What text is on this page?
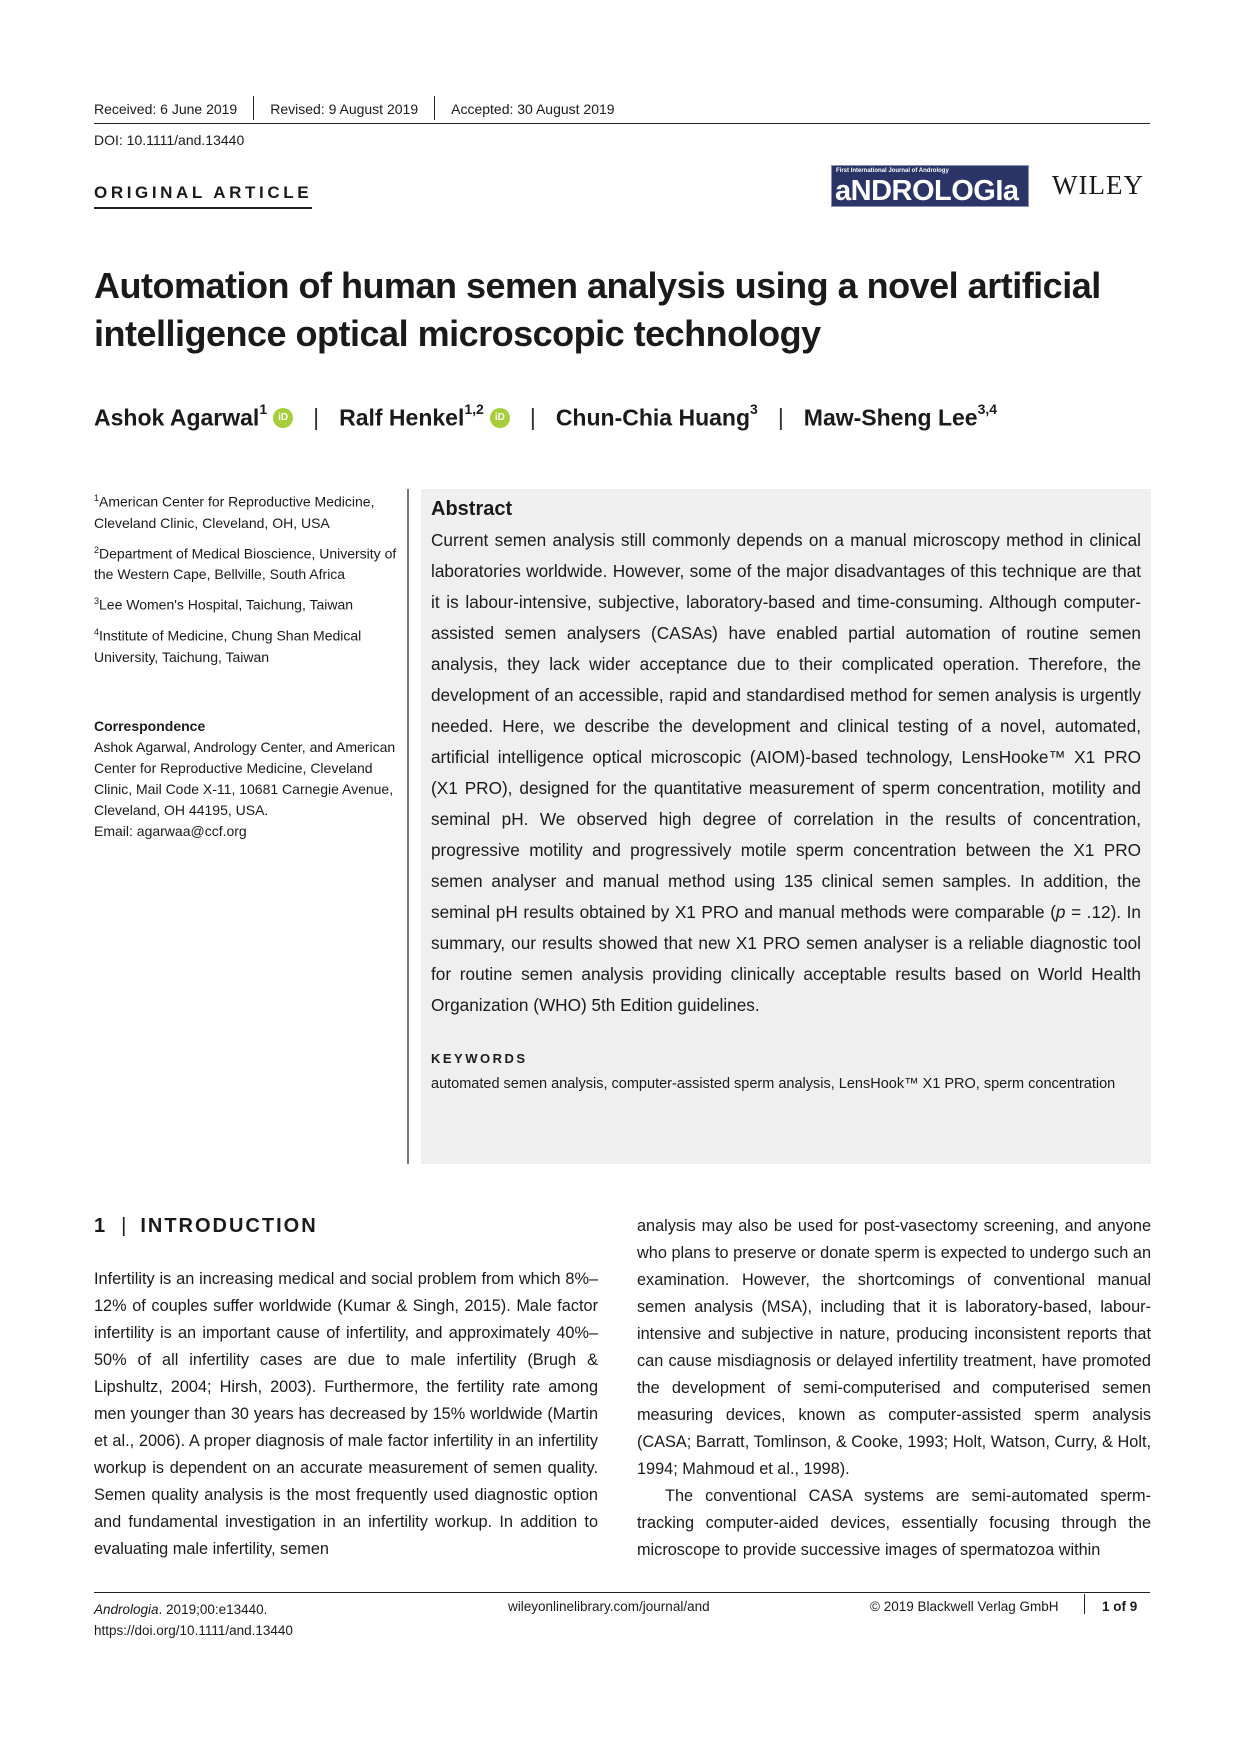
Received: 6 June 2019	Revised: 9 August 2019	Accepted: 30 August 2019
DOI: 10.1111/and.13440
ORIGINAL ARTICLE
First International Journal of Andrology
aNDROLOGIa WILEY
Automation of human semen analysis using a novel artificial intelligence optical microscopic technology
Ashok Agarwal$^1$
iD | Ralf Henkel$^{1,2}$
iD | Chun-Chia Huang$^3$ | Maw-Sheng Lee$^{3,4}$

$^1$American Center for Reproductive Medicine, Cleveland Clinic, Cleveland, OH, USA

$^2$Department of Medical Bioscience, University of the Western Cape, Bellville, South Africa

$^3$Lee Women's Hospital, Taichung, Taiwan

$^4$Institute of Medicine, Chung Shan Medical University, Taichung, Taiwan

Correspondence
Ashok Agarwal, Andrology Center, and American Center for Reproductive Medicine, Cleveland Clinic, Mail Code X-11, 10681 Carnegie Avenue, Cleveland, OH 44195, USA.
Email: agarwaa@ccf.org
Abstract
Current semen analysis still commonly depends on a manual microscopy method in clinical laboratories worldwide. However, some of the major disadvantages of this technique are that it is labour-intensive, subjective, laboratory-based and time-consuming. Although computer-assisted semen analysers (CASAs) have enabled partial automation of routine semen analysis, they lack wider acceptance due to their complicated operation. Therefore, the development of an accessible, rapid and standardised method for semen analysis is urgently needed. Here, we describe the development and clinical testing of a novel, automated, artificial intelligence optical microscopic (AIOM)-based technology, LensHooke™ X1 PRO (X1 PRO), designed for the quantitative measurement of sperm concentration, motility and seminal pH. We observed high degree of correlation in the results of concentration, progressive motility and progressively motile sperm concentration between the X1 PRO semen analyser and manual method using 135 clinical semen samples. In addition, the seminal pH results obtained by X1 PRO and manual methods were comparable (p = .12). In summary, our results showed that new X1 PRO semen analyser is a reliable diagnostic tool for routine semen analysis providing clinically acceptable results based on World Health Organization (WHO) 5th Edition guidelines.
KEYWORDS
automated semen analysis, computer-assisted sperm analysis, LensHook™ X1 PRO, sperm concentration
1 | INTRODUCTION

Infertility is an increasing medical and social problem from which 8%–12% of couples suffer worldwide (Kumar & Singh, 2015). Male factor infertility is an important cause of infertility, and approximately 40%–50% of all infertility cases are due to male infertility (Brugh & Lipshultz, 2004; Hirsh, 2003). Furthermore, the fertility rate among men younger than 30 years has decreased by 15% worldwide (Martin et al., 2006). A proper diagnosis of male factor infertility in an infertility workup is dependent on an accurate measurement of semen quality. Semen quality analysis is the most frequently used diagnostic option and fundamental investigation in an infertility workup. In addition to evaluating male infertility, semen

analysis may also be used for post-vasectomy screening, and anyone who plans to preserve or donate sperm is expected to undergo such an examination. However, the shortcomings of conventional manual semen analysis (MSA), including that it is laboratory-based, labour-intensive and subjective in nature, producing inconsistent reports that can cause misdiagnosis or delayed infertility treatment, have promoted the development of semi-computerised and computerised semen measuring devices, known as computer-assisted sperm analysis (CASA; Barratt, Tomlinson, & Cooke, 1993; Holt, Watson, Curry, & Holt, 1994; Mahmoud et al., 1998).

The conventional CASA systems are semi-automated sperm-tracking computer-aided devices, essentially focusing through the microscope to provide successive images of spermatozoa within

Andrologia. 2019;00:e13440.
https://doi.org/10.1111/and.13440
wileyonlinelibrary.com/journal/and	© 2019 Blackwell Verlag GmbH	1 of 9
